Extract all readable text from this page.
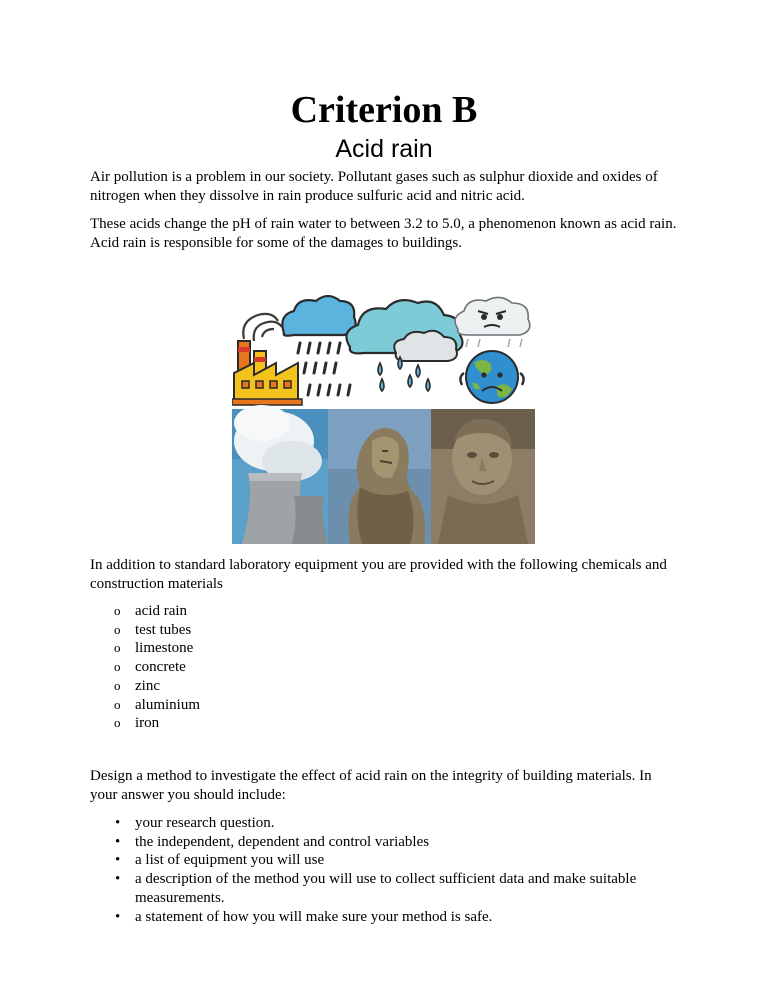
Criterion B
Acid rain

Air pollution is a problem in our society. Pollutant gases such as sulphur dioxide and oxides of nitrogen when they dissolve in rain produce sulfuric acid and nitric acid.

These acids change the pH of rain water to between 3.2 to 5.0, a phenomenon known as acid rain. Acid rain is responsible for some of the damages to buildings.

In addition to standard laboratory equipment you are provided with the following chemicals and construction materials

o acid rain
o test tubes
o limestone
o concrete
o zinc
o aluminium
o iron

Design a method to investigate the effect of acid rain on the integrity of building materials. In your answer you should include:

• your research question.
• the independent, dependent and control variables
• a list of equipment you will use
• a description of the method you will use to collect sufficient data and make suitable measurements.
• a statement of how you will make sure your method is safe.
